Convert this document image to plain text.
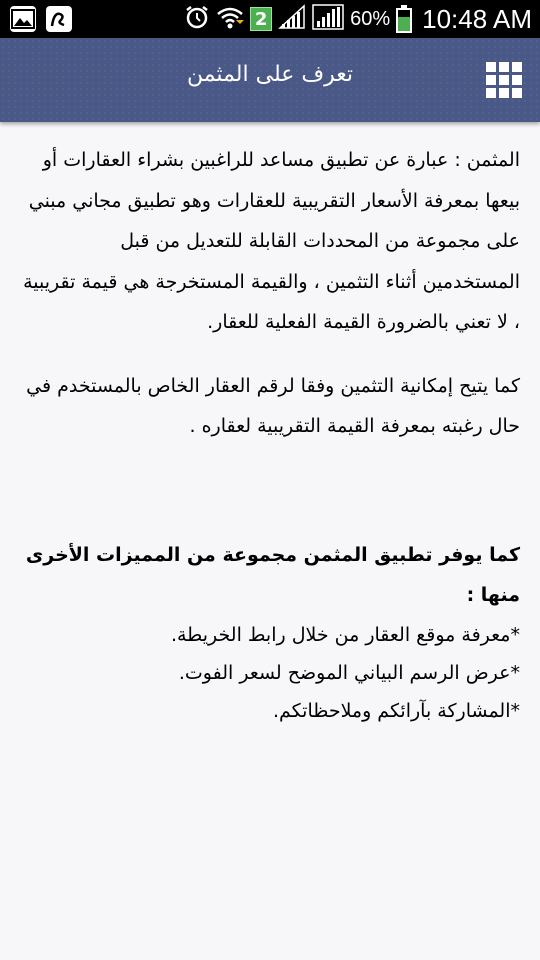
2	60% 10:48 AM
تعرف على المثمن

المثمن : عبارة عن تطبيق مساعد للراغبين بشراء العقارات أو بيعها بمعرفة الأسعار التقريبية للعقارات وهو تطبيق مجاني مبني على مجموعة من المحددات القابلة للتعديل من قبل المستخدمين أثناء التثمين ، والقيمة المستخرجة هي قيمة تقريبية ، لا تعني بالضرورة القيمة الفعلية للعقار.

كما يتيح إمكانية التثمين وفقا لرقم العقار الخاص بالمستخدم في حال رغبته بمعرفة القيمة التقريبية لعقاره .

كما يوفر تطبيق المثمن مجموعة من المميزات الأخرى منها :

*معرفة موقع العقار من خلال رابط الخريطة.

*عرض الرسم البياني الموضح لسعر الفوت.

*المشاركة بآرائكم وملاحظاتكم.
